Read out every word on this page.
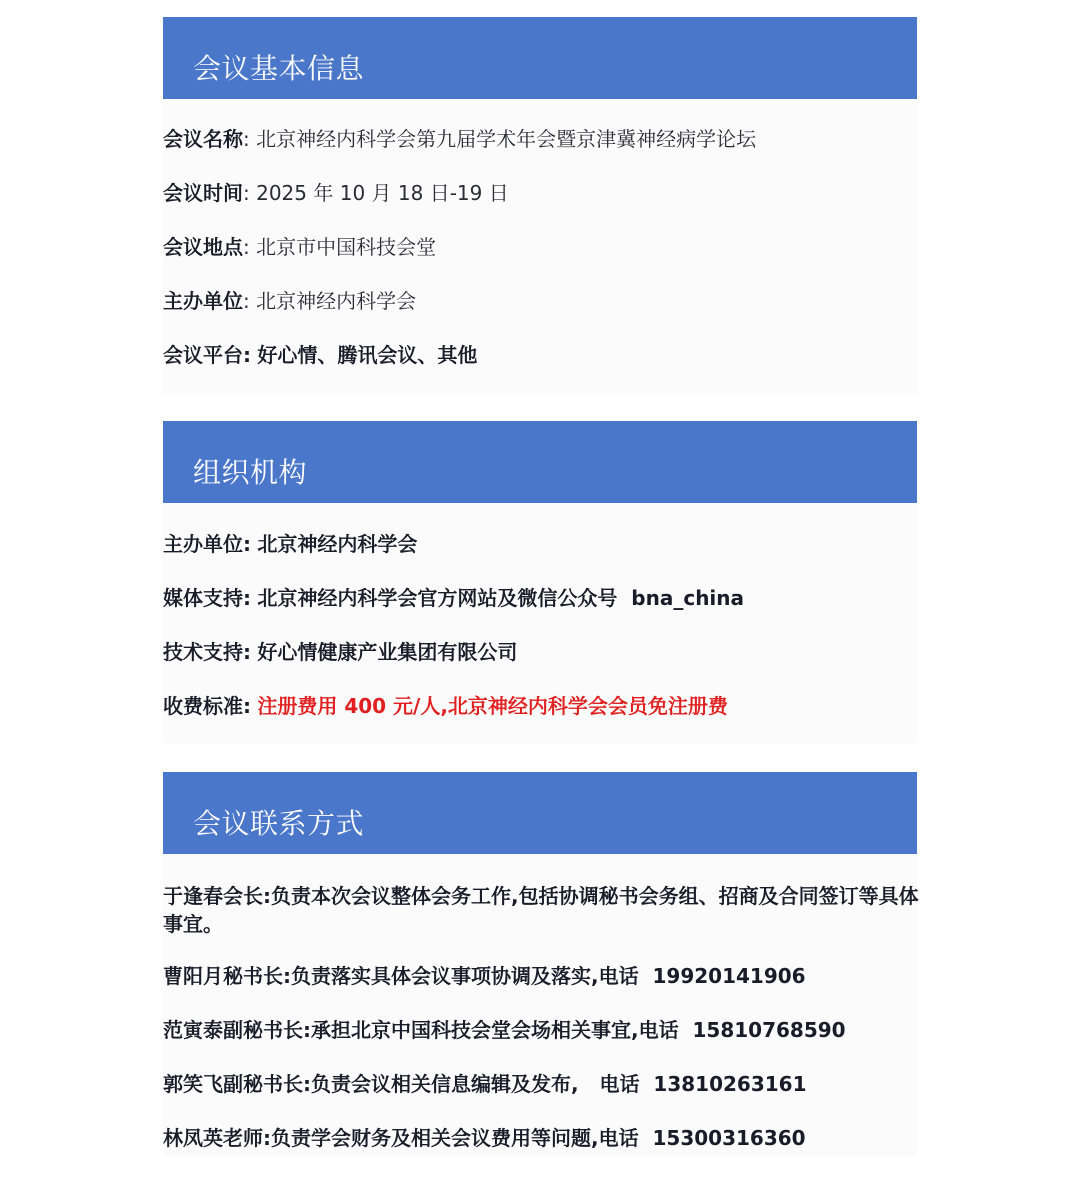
会议基本信息
会议名称: 北京神经内科学会第九届学术年会暨京津冀神经病学论坛
会议时间: 2025 年 10 月 18 日-19 日
会议地点: 北京市中国科技会堂
主办单位: 北京神经内科学会
会议平台: 好心情、腾讯会议、其他
组织机构
主办单位: 北京神经内科学会
媒体支持: 北京神经内科学会官方网站及微信公众号  bna_china
技术支持: 好心情健康产业集团有限公司
收费标准: 注册费用 400 元/人,北京神经内科学会会员免注册费
会议联系方式
于逢春会长:负责本次会议整体会务工作,包括协调秘书会务组、招商及合同签订等具体事宜。
曹阳月秘书长:负责落实具体会议事项协调及落实,电话  19920141906
范寅泰副秘书长:承担北京中国科技会堂会场相关事宜,电话  15810768590
郭笑飞副秘书长:负责会议相关信息编辑及发布,   电话  13810263161
林凤英老师:负责学会财务及相关会议费用等问题,电话  15300316360
